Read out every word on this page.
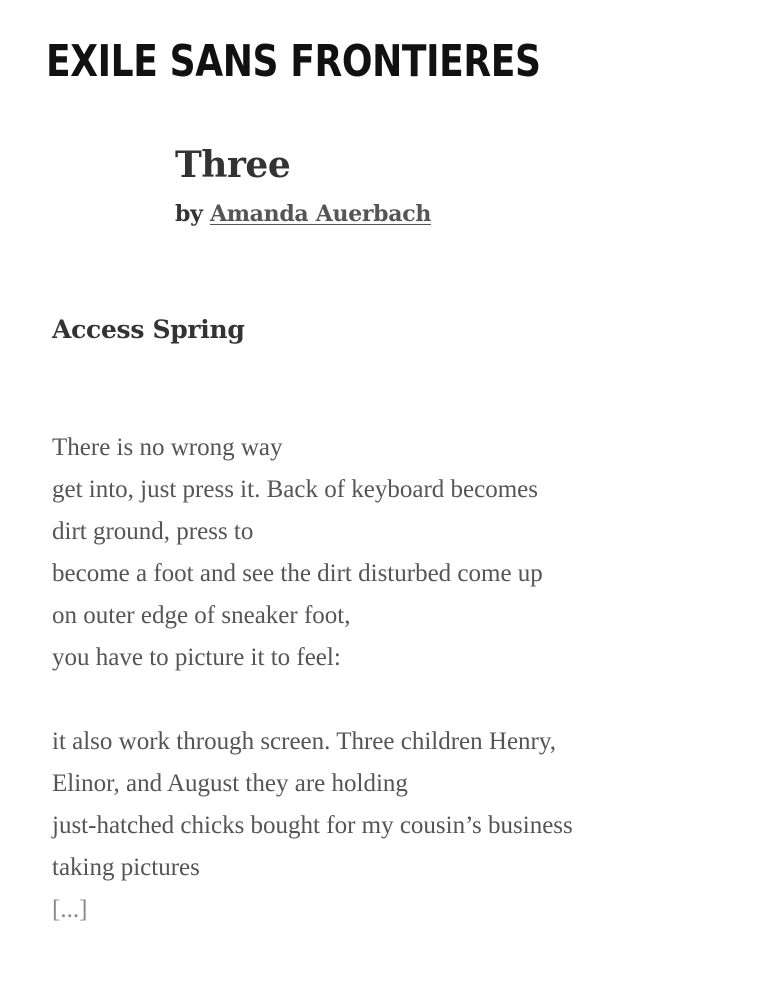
EXILE SANS FRONTIERES
Three
by Amanda Auerbach
Access Spring
There is no wrong way
get into, just press it. Back of keyboard becomes
dirt ground, press to
become a foot and see the dirt disturbed come up
on outer edge of sneaker foot,
you have to picture it to feel:
it also work through screen. Three children Henry,
Elinor, and August they are holding
just-hatched chicks bought for my cousin’s business
taking pictures
[...]
